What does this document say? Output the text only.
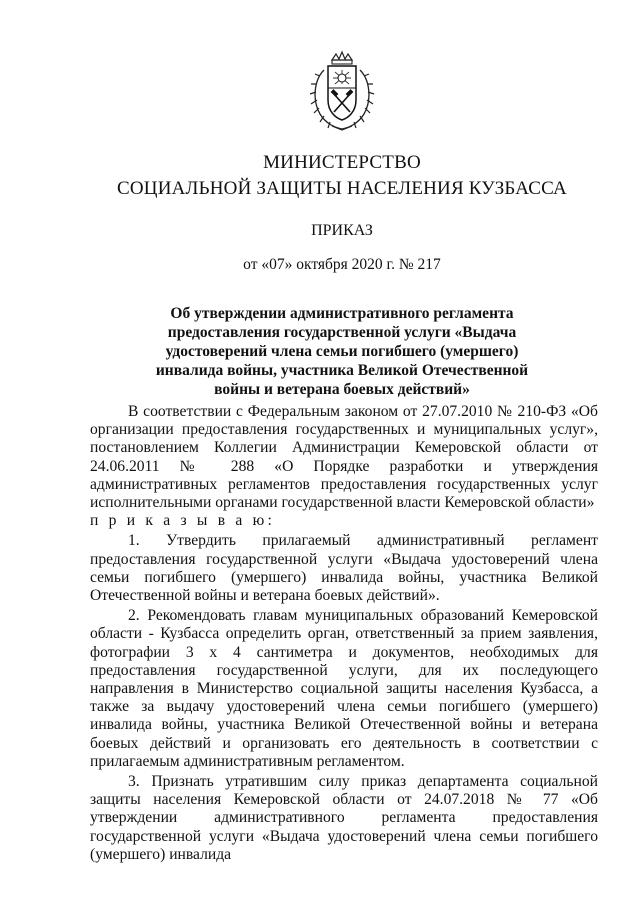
МИНИСТЕРСТВО
СОЦИАЛЬНОЙ ЗАЩИТЫ НАСЕЛЕНИЯ КУЗБАССА
ПРИКАЗ
от «07» октября 2020 г. № 217
Об утверждении административного регламента
предоставления государственной услуги «Выдача
удостоверений члена семьи погибшего (умершего)
инвалида войны, участника Великой Отечественной
войны и ветерана боевых действий»

В соответствии с Федеральным законом от 27.07.2010 № 210-ФЗ «Об организации предоставления государственных и муниципальных услуг», постановлением Коллегии Администрации Кемеровской области от 24.06.2011 № 288 «О Порядке разработки и утверждения административных регламентов предоставления государственных услуг исполнительными органами государственной власти Кемеровской области»

п р и к а з ы в а ю:

1. Утвердить прилагаемый административный регламент предоставления государственной услуги «Выдача удостоверений члена семьи погибшего (умершего) инвалида войны, участника Великой Отечественной войны и ветерана боевых действий».

2. Рекомендовать главам муниципальных образований Кемеровской области - Кузбасса определить орган, ответственный за прием заявления, фотографии 3 х 4 сантиметра и документов, необходимых для предоставления государственной услуги, для их последующего направления в Министерство социальной защиты населения Кузбасса, а также за выдачу удостоверений члена семьи погибшего (умершего) инвалида войны, участника Великой Отечественной войны и ветерана боевых действий и организовать его деятельность в соответствии с прилагаемым административным регламентом.

3. Признать утратившим силу приказ департамента социальной защиты населения Кемеровской области от 24.07.2018 № 77 «Об утверждении административного регламента предоставления государственной услуги «Выдача удостоверений члена семьи погибшего (умершего) инвалида
